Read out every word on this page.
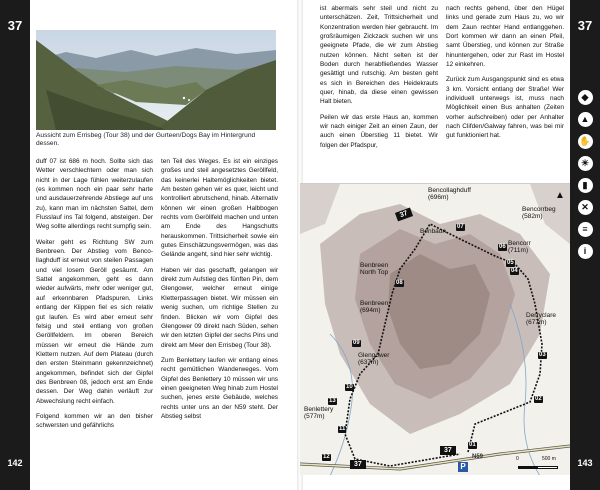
37
142
Aussicht zum Errisbeg (Tour 38) und der Gurteen/Dogs Bay im Hintergrund dessen.

duff 07 ist 686 m hoch. Sollte sich das Wetter verschlechtern oder man sich nicht in der Lage fühlen weiterzulaufen (es kommen noch ein paar sehr harte und ausdauerzehrende Abstiege auf uns zu), kann man im nächsten Sattel, dem Flusslauf ins Tal folgend, absteigen. Der Weg sollte allerdings recht sumpfig sein.

Weiter geht es Richtung SW zum Benbreen. Der Abstieg vom Bencollaghduff ist erneut von steilen Passagen und viel losem Geröll gesäumt. Am Sattel angekommen, geht es dann wieder aufwärts, mehr oder weniger gut, auf erkennbaren Pfadspuren. Links entlang der Klippen fiel es sich relativ gut laufen. Es wird aber erneut sehr felsig und steil entlang von großen Geröllfeldern. Im oberen Bereich müssen wir erneut die Hände zum Klettern nutzen. Auf dem Plateau (durch den ersten Steinmann gekennzeichnet) angekommen, befindet sich der Gipfel des Benbreen 08, jedoch erst am Ende dessen. Der Weg dahin verläuft zur Abwechslung recht einfach.

Folgend kommen wir an den bisher schwersten und gefährlichs

ten Teil des Weges. Es ist ein einziges großes und steil angesetztes Geröllfeld, das keinerlei Haltemöglichkeiten bietet. Am besten gehen wir es quer, leicht und kontrolliert abrutschend, hinab. Alternativ können wir einen großen Halbbogen rechts vom Geröllfeld machen und unten am Ende des Hangschutts herauskommen. Trittsicherheit sowie ein gutes Einschätzungsvermögen, was das Gelände angeht, sind hier sehr wichtig.

Haben wir das geschafft, gelangen wir direkt zum Aufstieg des fünften Pin, dem Glengower, welcher erneut einige Kletterpassagen bietet. Wir müssen ein wenig suchen, um richtige Stellen zu finden. Blicken wir vom Gipfel des Glengower 09 direkt nach Süden, sehen wir den letzten Gipfel der sechs Pins und direkt am Meer den Errisbeg (Tour 38).

Zum Benlettery laufen wir entlang eines recht gemütlichen Wanderweges. Vom Gipfel des Benlettery 10 müssen wir uns einen geeigneten Weg hinab zum Hostel suchen, jenes erste Gebäude, welches rechts unter uns an der N59 steht. Der Abstieg selbst

37
143
◆
▲
✋
☀
▮
✕
≡
i

ist abermals sehr steil und nicht zu unterschätzen. Zeit, Trittsicherheit und Konzentration werden hier gebraucht. Im großräumigen Zickzack suchen wir uns geeignete Pfade, die wir zum Abstieg nutzen können. Nicht selten ist der Boden durch herabfließendes Wasser gesättigt und rutschig. Am besten geht es sich in Bereichen des Heidekrauts quer, hinab, da diese einen gewissen Halt bieten.

Peilen wir das erste Haus an, kommen wir nach einiger Zeit an einen Zaun, der auch einen Überstieg 11 bietet. Wir folgen der Pfadspur,

nach rechts gehend, über den Hügel links und gerade zum Haus zu, wo wir dem Zaun rechter Hand entlanggehen. Dort kommen wir dann an einen Pfeil, samt Überstieg, und können zur Straße hinuntergehen, oder zur Rast im Hostel 12 einkehren.

Zurück zum Ausgangspunkt sind es etwa 3 km. Vorsicht entlang der Straße! Wer individuell unterwegs ist, muss nach Möglichkeit einen Bus anhalten (Zeiten vorher aufschreiben) oder per Anhalter nach Clifden/Galway fahren, was bei mir gut funktioniert hat.

Bencollaghduff
(696m)
Bencorr
(711m)
Benbreen
North Top
Benbreen
(694m)
Glengower
(637m)
Benlettery
(577m)
Bencorrbeg
(582m)
Derryclare
(677m)
Benbaun
01
02
03
04
05
06
07
08
09
10
11
12
13
37
37
37
N59
P
0	500 m
▲
